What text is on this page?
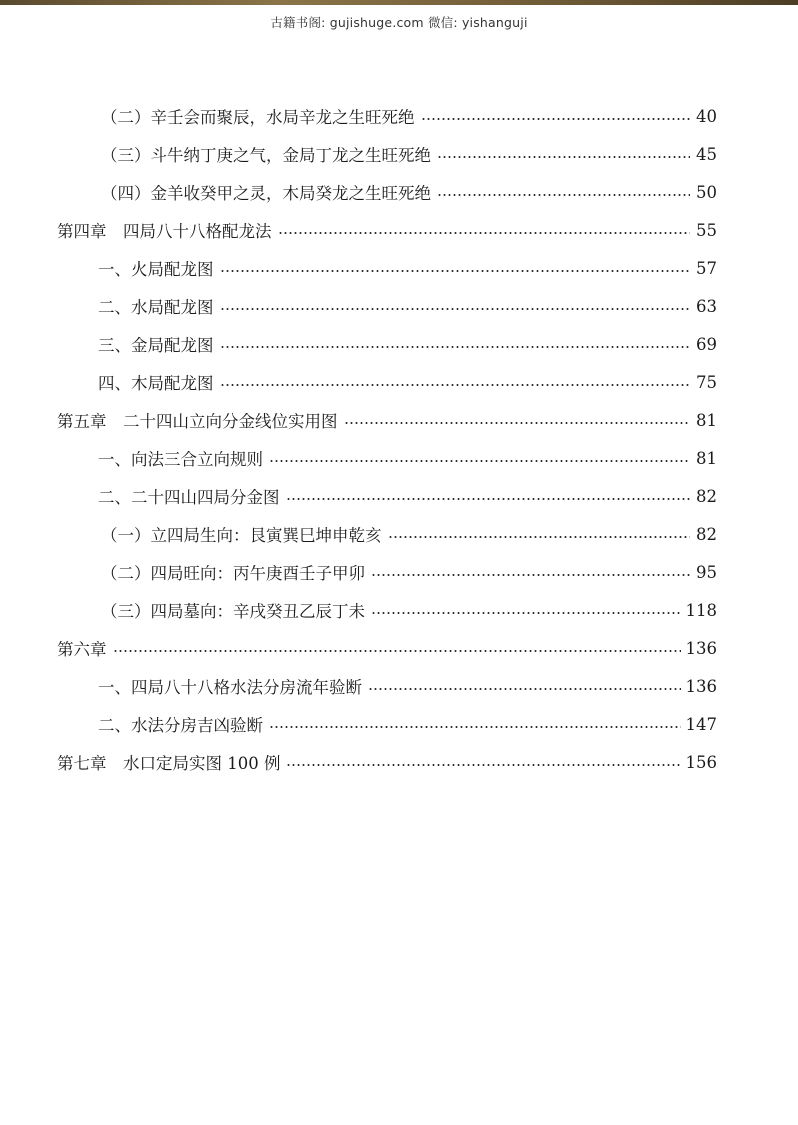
古籍书阁: gujishuge.com 微信: yishanguji
（二）辛壬会而聚辰，水局辛龙之生旺死绝	40
（三）斗牛纳丁庚之气，金局丁龙之生旺死绝	45
（四）金羊收癸甲之灵，木局癸龙之生旺死绝	50
第四章　四局八十八格配龙法	55
一、火局配龙图	57
二、水局配龙图	63
三、金局配龙图	69
四、木局配龙图	75
第五章　二十四山立向分金线位实用图	81
一、向法三合立向规则	81
二、二十四山四局分金图	82
（一）立四局生向：艮寅巽巳坤申乾亥	82
（二）四局旺向：丙午庚酉壬子甲卯	95
（三）四局墓向：辛戌癸丑乙辰丁未	118
第六章	136
一、四局八十八格水法分房流年验断	136
二、水法分房吉凶验断	147
第七章　水口定局实图 100 例	156
